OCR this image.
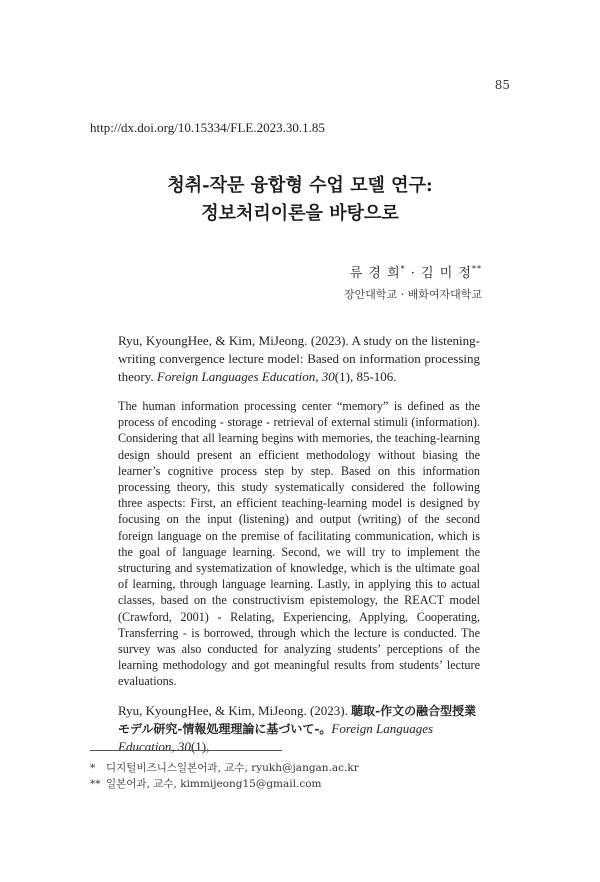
85
http://dx.doi.org/10.15334/FLE.2023.30.1.85
청취-작문 융합형 수업 모델 연구:
정보처리이론을 바탕으로
류 경 희* · 김 미 정**
장안대학교 · 배화여자대학교
Ryu, KyoungHee, & Kim, MiJeong. (2023). A study on the listening-writing convergence lecture model: Based on information processing theory. Foreign Languages Education, 30(1), 85-106.
The human information processing center “memory” is defined as the process of encoding - storage - retrieval of external stimuli (information). Considering that all learning begins with memories, the teaching-learning design should present an efficient methodology without biasing the learner’s cognitive process step by step. Based on this information processing theory, this study systematically considered the following three aspects: First, an efficient teaching-learning model is designed by focusing on the input (listening) and output (writing) of the second foreign language on the premise of facilitating communication, which is the goal of language learning. Second, we will try to implement the structuring and systematization of knowledge, which is the ultimate goal of learning, through language learning. Lastly, in applying this to actual classes, based on the constructivism epistemology, the REACT model (Crawford, 2001) - Relating, Experiencing, Applying, Cooperating, Transferring - is borrowed, through which the lecture is conducted. The survey was also conducted for analyzing students’ perceptions of the learning methodology and got meaningful results from students’ lecture evaluations.
Ryu, KyoungHee, & Kim, MiJeong. (2023). 聴取-作文の融合型授業モデル研究-情報処理理論に基づいて-。Foreign Languages Education, 30(1),
* 디지털비즈니스일본어과, 교수, ryukh@jangan.ac.kr
** 일본어과, 교수, kimmijeong15@gmail.com
